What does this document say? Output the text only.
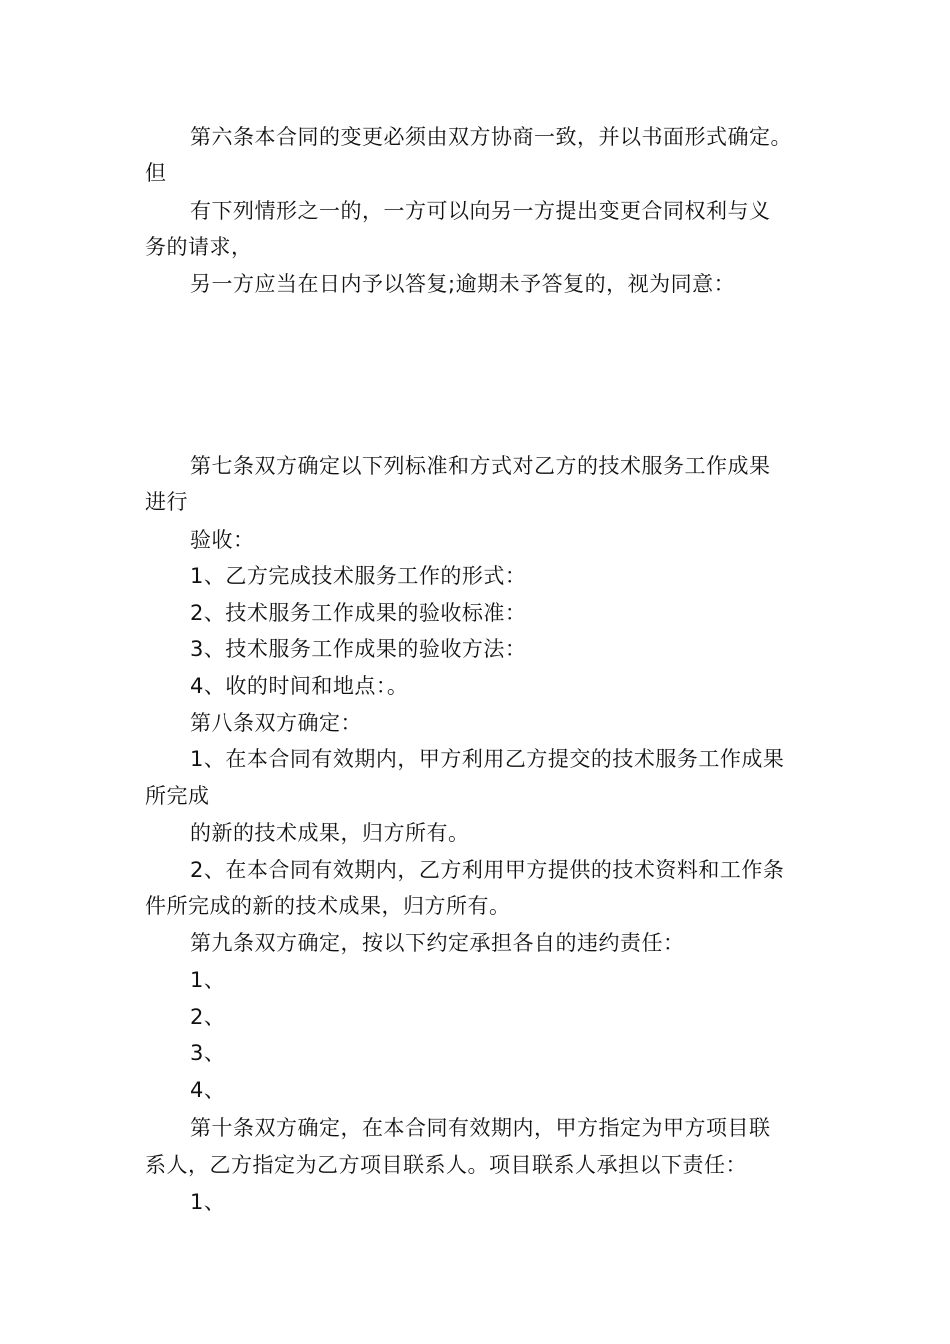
第六条本合同的变更必须由双方协商一致，并以书面形式确定。
但
有下列情形之一的，一方可以向另一方提出变更合同权利与义
务的请求，
另一方应当在日内予以答复;逾期未予答复的，视为同意：
第七条双方确定以下列标准和方式对乙方的技术服务工作成果
进行
验收：
1、乙方完成技术服务工作的形式：
2、技术服务工作成果的验收标准：
3、技术服务工作成果的验收方法：
4、收的时间和地点：。
第八条双方确定：
1、在本合同有效期内，甲方利用乙方提交的技术服务工作成果
所完成
的新的技术成果，归方所有。
2、在本合同有效期内，乙方利用甲方提供的技术资料和工作条
件所完成的新的技术成果，归方所有。
第九条双方确定，按以下约定承担各自的违约责任：
1、
2、
3、
4、
第十条双方确定，在本合同有效期内，甲方指定为甲方项目联
系人，乙方指定为乙方项目联系人。项目联系人承担以下责任：
1、
